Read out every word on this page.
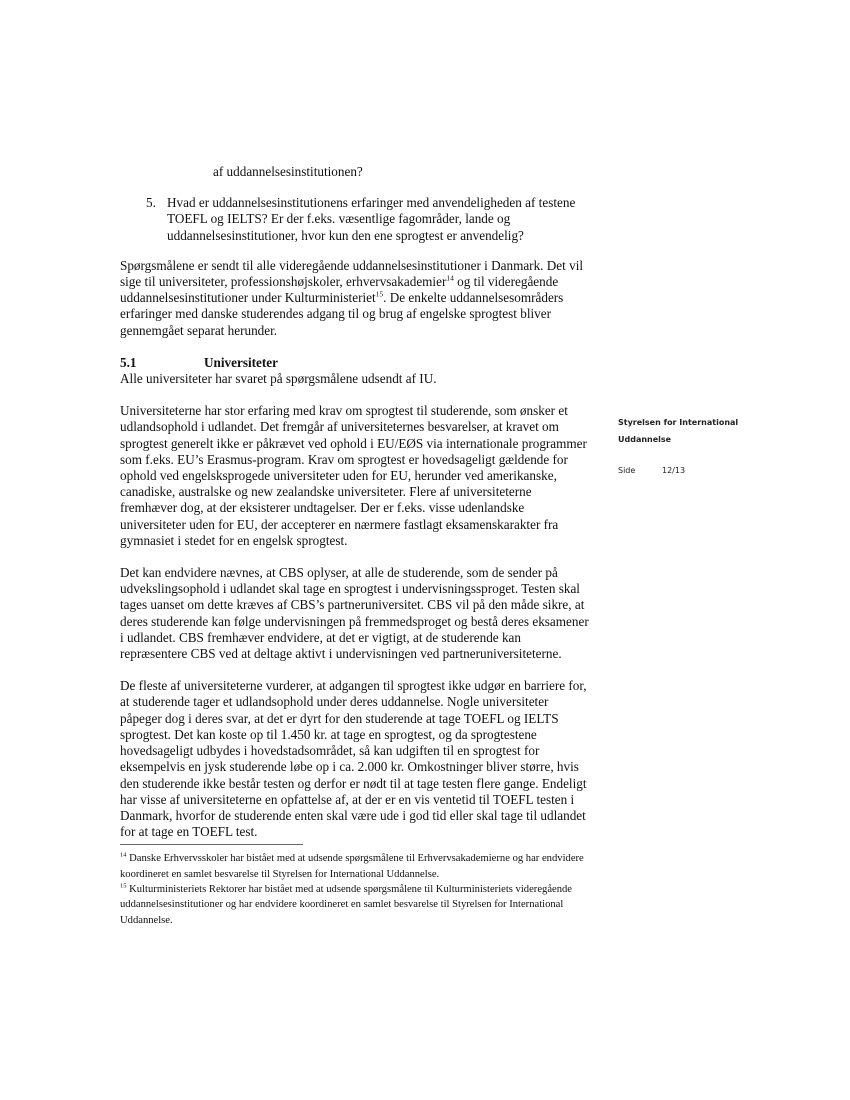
af uddannelsesinstitutionen?
5. Hvad er uddannelsesinstitutionens erfaringer med anvendeligheden af testene TOEFL og IELTS? Er der f.eks. væsentlige fagområder, lande og uddannelsesinstitutioner, hvor kun den ene sprogtest er anvendelig?

Spørgsmålene er sendt til alle videregående uddannelsesinstitutioner i Danmark. Det vil sige til universiteter, professionshøjskoler, erhvervsakademier$^{14}$ og til videregående uddannelsesinstitutioner under Kulturministeriet$^{15}$. De enkelte uddannelsesområders erfaringer med danske studerendes adgang til og brug af engelske sprogtest bliver gennemgået separat herunder.

5.1	Universiteter

Alle universiteter har svaret på spørgsmålene udsendt af IU.

Universiteterne har stor erfaring med krav om sprogtest til studerende, som ønsker et udlandsophold i udlandet. Det fremgår af universiteternes besvarelser, at kravet om sprogtest generelt ikke er påkrævet ved ophold i EU/EØS via internationale programmer som f.eks. EU’s Erasmus-program. Krav om sprogtest er hovedsageligt gældende for ophold ved engelsksprogede universiteter uden for EU, herunder ved amerikanske, canadiske, australske og new zealandske universiteter. Flere af universiteterne fremhæver dog, at der eksisterer undtagelser. Der er f.eks. visse udenlandske universiteter uden for EU, der accepterer en nærmere fastlagt eksamenskarakter fra gymnasiet i stedet for en engelsk sprogtest.

Det kan endvidere nævnes, at CBS oplyser, at alle de studerende, som de sender på udvekslingsophold i udlandet skal tage en sprogtest i undervisningssproget. Testen skal tages uanset om dette kræves af CBS’s partneruniversitet. CBS vil på den måde sikre, at deres studerende kan følge undervisningen på fremmedsproget og bestå deres eksamener i udlandet. CBS fremhæver endvidere, at det er vigtigt, at de studerende kan repræsentere CBS ved at deltage aktivt i undervisningen ved partneruniversiteterne.

De fleste af universiteterne vurderer, at adgangen til sprogtest ikke udgør en barriere for, at studerende tager et udlandsophold under deres uddannelse. Nogle universiteter påpeger dog i deres svar, at det er dyrt for den studerende at tage TOEFL og IELTS sprogtest. Det kan koste op til 1.450 kr. at tage en sprogtest, og da sprogtestene hovedsageligt udbydes i hovedstadsområdet, så kan udgiften til en sprogtest for eksempelvis en jysk studerende løbe op i ca. 2.000 kr. Omkostninger bliver større, hvis den studerende ikke består testen og derfor er nødt til at tage testen flere gange. Endeligt har visse af universiteterne en opfattelse af, at der er en vis ventetid til TOEFL testen i Danmark, hvorfor de studerende enten skal være ude i god tid eller skal tage til udlandet for at tage en TOEFL test.

$^{14}$ Danske Erhvervsskoler har bistået med at udsende spørgsmålene til Erhvervsakademierne og har endvidere koordineret en samlet besvarelse til Styrelsen for International Uddannelse.

$^{15}$ Kulturministeriets Rektorer har bistået med at udsende spørgsmålene til Kulturministeriets videregående uddannelsesinstitutioner og har endvidere koordineret en samlet besvarelse til Styrelsen for International Uddannelse.

Styrelsen for International
Uddannelse
Side	12/13
